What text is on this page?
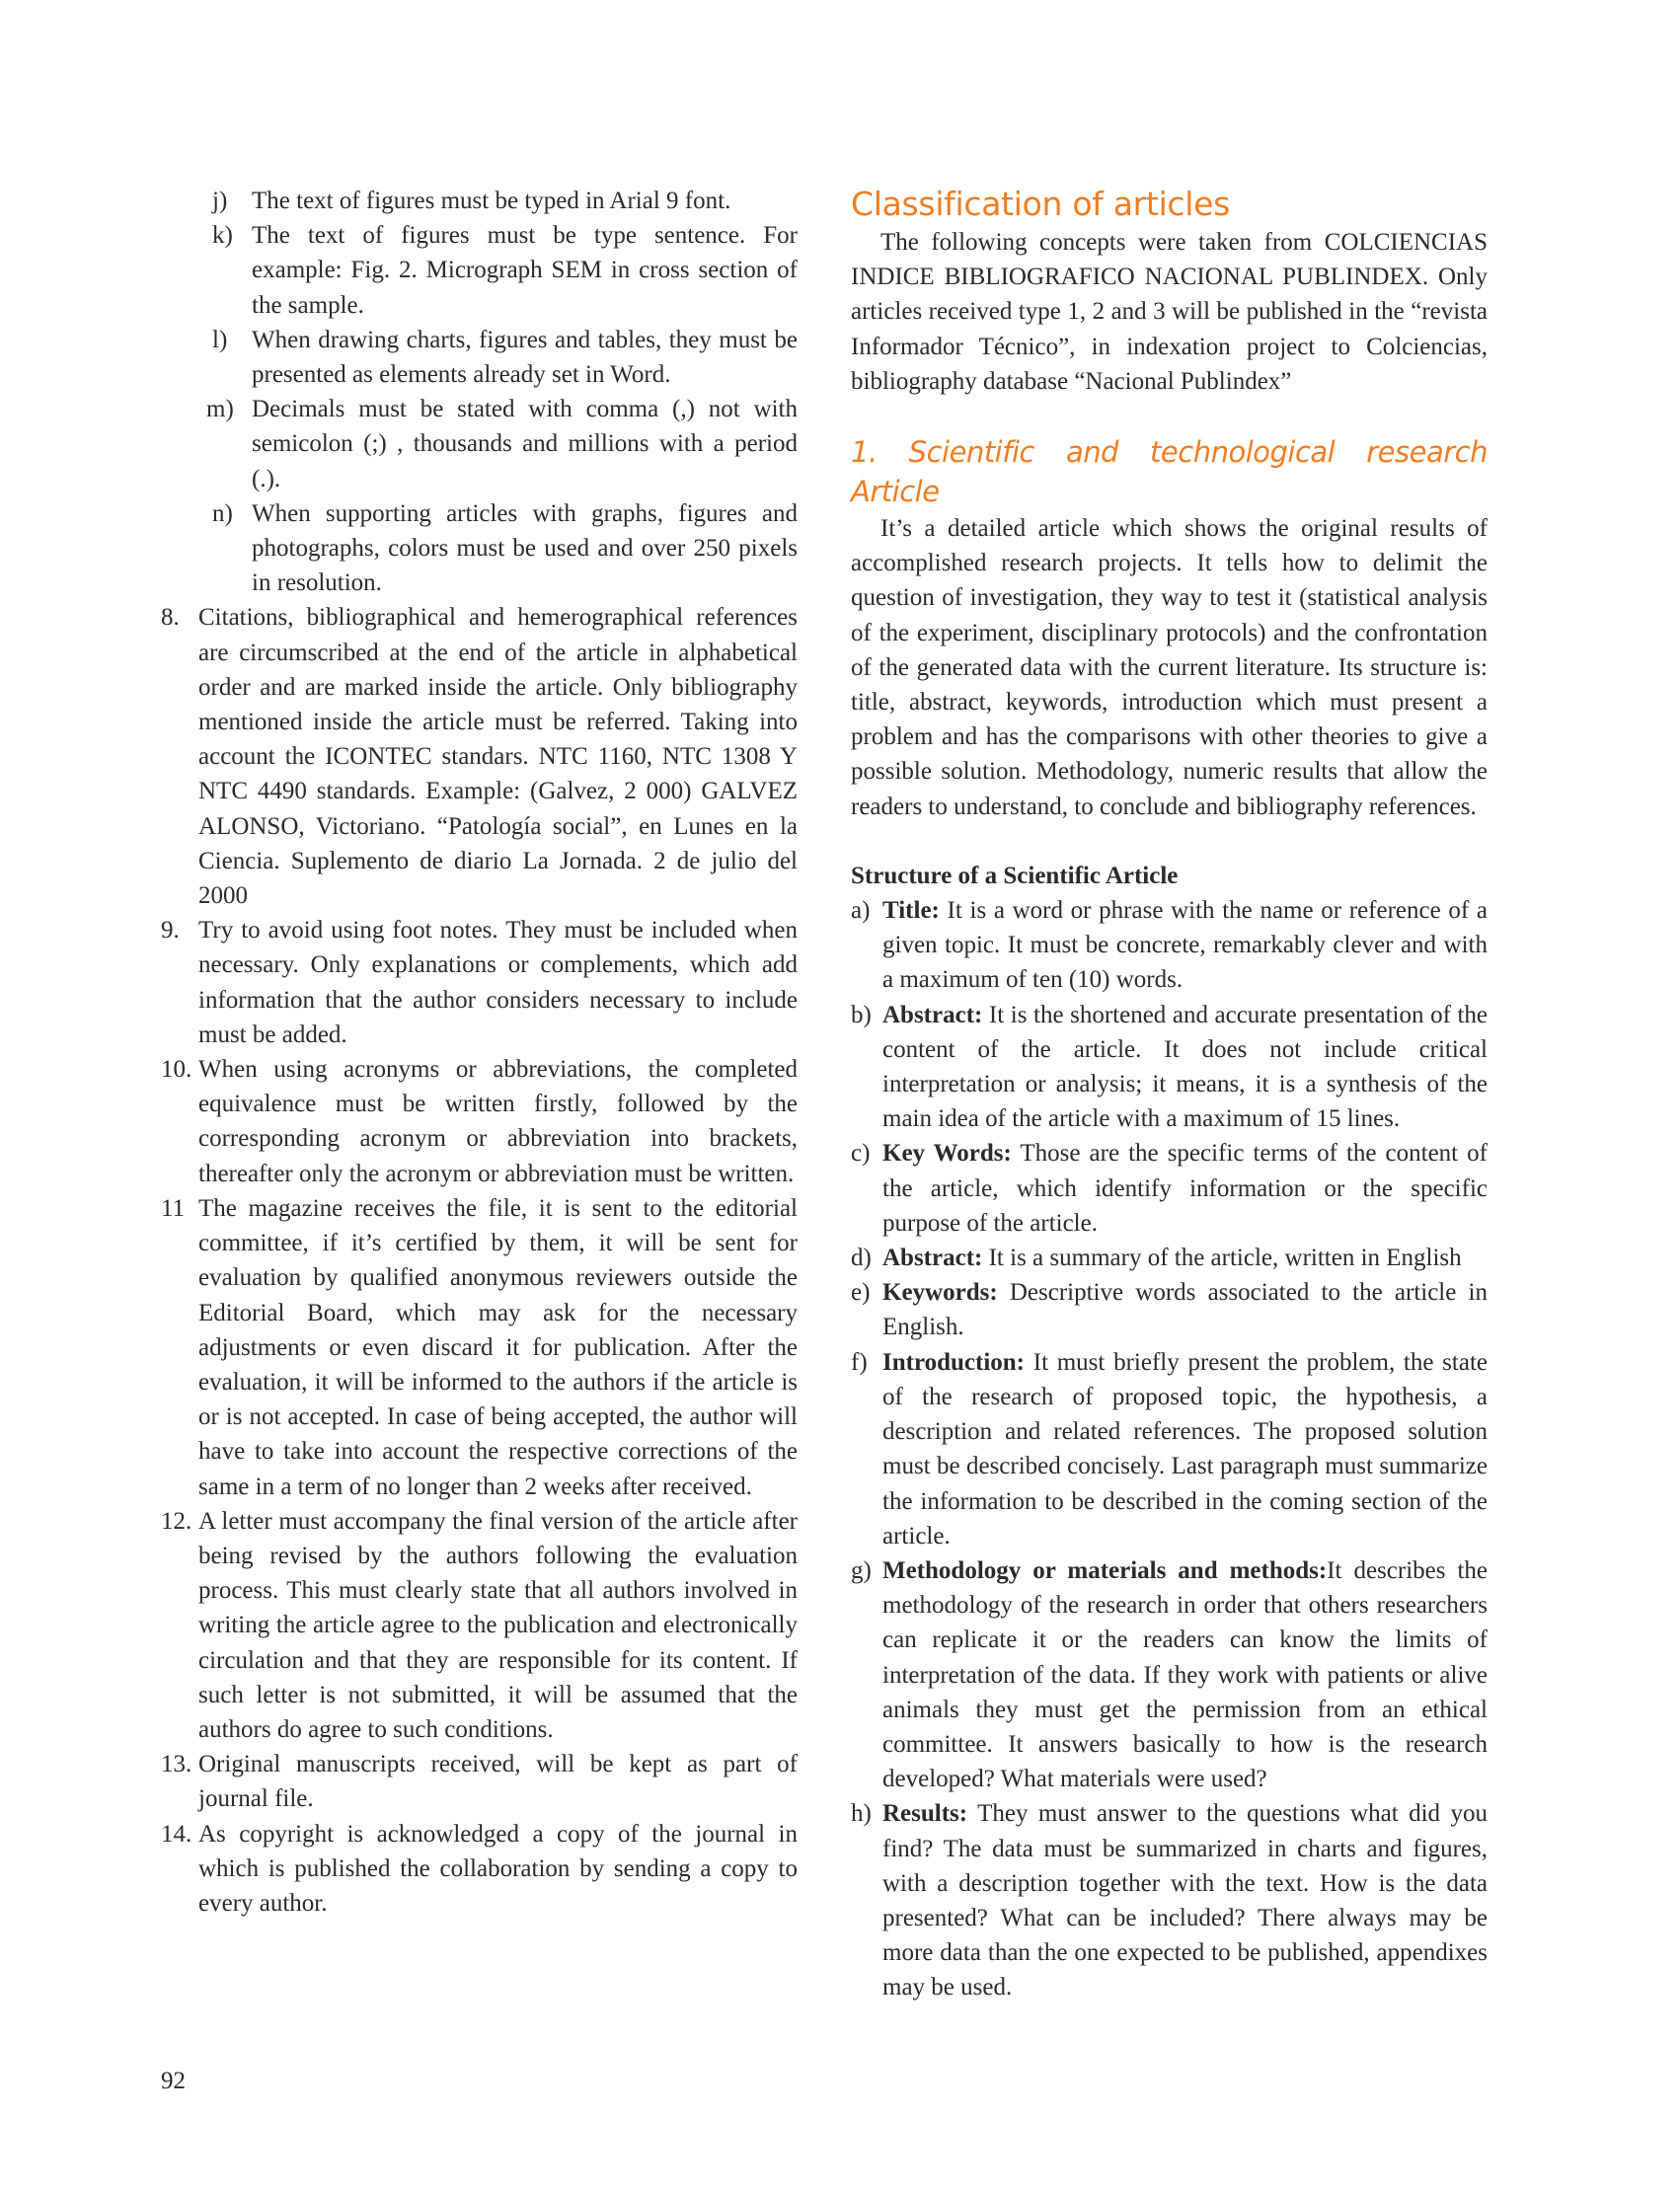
j) The text of figures must be typed in Arial 9 font.
k) The text of figures must be type sentence. For example: Fig. 2. Micrograph SEM in cross section of the sample.
l) When drawing charts, figures and tables, they must be presented as elements already set in Word.
m) Decimals must be stated with comma (,) not with semicolon (;) , thousands and millions with a period (.).
n) When supporting articles with graphs, figures and photographs, colors must be used and over 250 pixels in resolution.
8. Citations, bibliographical and hemerographical references are circumscribed at the end of the article in alphabetical order and are marked inside the article. Only bibliography mentioned inside the article must be referred. Taking into account the ICONTEC standars. NTC 1160, NTC 1308 Y NTC 4490 standards. Example: (Galvez, 2 000) GALVEZ ALONSO, Victoriano. “Patología social”, en Lunes en la Ciencia. Suplemento de diario La Jornada. 2 de julio del 2000
9. Try to avoid using foot notes. They must be included when necessary. Only explanations or complements, which add information that the author considers necessary to include must be added.
10. When using acronyms or abbreviations, the completed equivalence must be written firstly, followed by the corresponding acronym or abbreviation into brackets, thereafter only the acronym or abbreviation must be written.
11 The magazine receives the file, it is sent to the editorial committee, if it’s certified by them, it will be sent for evaluation by qualified anonymous reviewers outside the Editorial Board, which may ask for the necessary adjustments or even discard it for publication. After the evaluation, it will be informed to the authors if the article is or is not accepted. In case of being accepted, the author will have to take into account the respective corrections of the same in a term of no longer than 2 weeks after received.
12. A letter must accompany the final version of the article after being revised by the authors following the evaluation process. This must clearly state that all authors involved in writing the article agree to the publication and electronically circulation and that they are responsible for its content. If such letter is not submitted, it will be assumed that the authors do agree to such conditions.
13. Original manuscripts received, will be kept as part of journal file.
14. As copyright is acknowledged a copy of the journal in which is published the collaboration by sending a copy to every author.
Classification of articles

The following concepts were taken from COLCIENCIAS INDICE BIBLIOGRAFICO NACIONAL PUBLINDEX. Only articles received type 1, 2 and 3 will be published in the “revista Informador Técnico”, in indexation project to Colciencias, bibliography database “Nacional Publindex”

1. Scientific and technological research Article

It’s a detailed article which shows the original results of accomplished research projects. It tells how to delimit the question of investigation, they way to test it (statistical analysis of the experiment, disciplinary protocols) and the confrontation of the generated data with the current literature. Its structure is: title, abstract, keywords, introduction which must present a problem and has the comparisons with other theories to give a possible solution. Methodology, numeric results that allow the readers to understand, to conclude and bibliography references.

Structure of a Scientific Article

a) Title: It is a word or phrase with the name or reference of a given topic. It must be concrete, remarkably clever and with a maximum of ten (10) words.
b) Abstract: It is the shortened and accurate presentation of the content of the article. It does not include critical interpretation or analysis; it means, it is a synthesis of the main idea of the article with a maximum of 15 lines.
c) Key Words: Those are the specific terms of the content of the article, which identify information or the specific purpose of the article.
d) Abstract: It is a summary of the article, written in English
e) Keywords: Descriptive words associated to the article in English.
f) Introduction: It must briefly present the problem, the state of the research of proposed topic, the hypothesis, a description and related references. The proposed solution must be described concisely. Last paragraph must summarize the information to be described in the coming section of the article.
g) Methodology or materials and methods:It describes the methodology of the research in order that others researchers can replicate it or the readers can know the limits of interpretation of the data. If they work with patients or alive animals they must get the permission from an ethical committee. It answers basically to how is the research developed? What materials were used?
h) Results: They must answer to the questions what did you find? The data must be summarized in charts and figures, with a description together with the text. How is the data presented? What can be included? There always may be more data than the one expected to be published, appendixes may be used.
92
